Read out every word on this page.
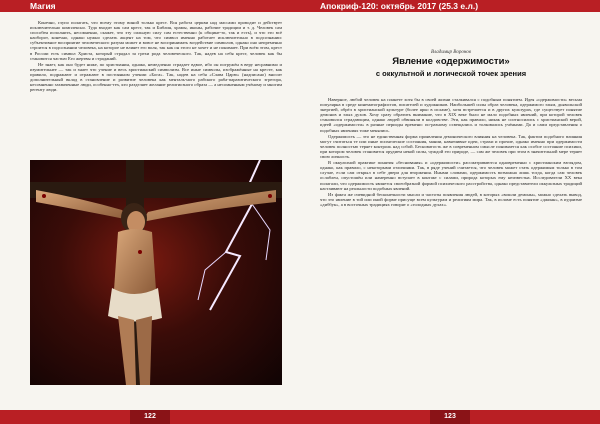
Магия

Конечно, глупо полагать, что всему этому виной только крест. Вся работа церкви над массами проводит и действует исключительно комплексно. Туда входит как сам крест, так и Библия, храмы, иконы, рабочие традиции и т. д. Человек сам способен исполнить, несомненно, скажет, что эту сильную силу сам естественно (к общине-то, так и есть), и что это всё наоборот, конечно, однако нужно сделать акцент на том, что символ именно работает исключительно в подсознании: субъективное восприятие человеческого разума может и вовсе не воспринимать воздействие символов, однако оно непременно строится в подсознании человека, на которое не влияет его воля, так как он этого не хочет и не понимает. При всём этом, крест в России есть символ Христа, который страдал за грехи рода человеческого. Так, надев на себя крест, человек как бы становится частью Его жертвы и страданий.

Не знает, как оно будет ниже, по христианин, однако, немедленно страдает вдвое, ибо он погружён в веру несравнимо и изумительнее — так и знает что учение и весь христианский символизм. Все иные символы, изображённые на кресте, как правило, подражают и отражают в постоянном учении «Бога». Так, надев на себя «Слава Царю» (надписано) вносит дополнительный вклад в становление и развитие человека как менталь-ного рабского раба-паразитического эгрегора, несомненно захваченные люди, особенно-тех, кто разделяет желание религиозного образа — а несомненным учёному и многим регенту люди.

122
Апокриф-120: октябрь 2017 (25.3 е.л.)
Владимир Воронов
Явление «одержимости»
с оккультной и логической точек зрения

Наверное, любой человек на планете хотя бы в своей жизни сталкивался с подобным понятием. Идея «одержимости» весьма популярна в среде кинематографистов, писателей и художников. Наибольшей силы образ человека, одержимого злым, дьявольской энергией, обрёл в христианской культуре (более ярко в исламе), хотя встречается и в других культурах, где существует понятие демонов и злых духов. Хочу сразу обратить внимание, что в XIX веке было не мало подобных явлений, при которой человек становился страдающим, однако людей обвиняли в колдовстве. Эти, как правило, никак не соотносились с христианской верой, идеей «одержимости» в разные периоды времени: по-разному освещались и толковались учёными. Да и сами представления о подобных явлениях тоже менялись.

Одержимость — это не единственная форма проявления демонического влияния на человека. Так, фактом подобного влияния могут считаться те или иные психические состояния, мании, навязчивые идеи, страхи и прочие, однако именно при одержимости человек полностью теряет контроль над собой. Бесноватость же в современном смысле понимается как особое состояние психики, при котором человек становится орудием некой силы, чуждой его природе, — сам же человек при этом в значительной мере теряет свою личность.

В оккультной практике понятия «беснования» и «одержимости» рассматриваются одновременно с христианским взглядом, однако, как правило, с некоторыми отличиями. Так, в ряде учений считается, что человек может стать одержимым только в том случае, если сам открыл в себе двери для вторжения. Иными словами, одержимость возможна лишь тогда, когда сам человек ослаблен, опустошён или намеренно вступает в контакт с силами, природа которых ему неизвестна. Исследователи ХХ века полагали, что одержимость является своеобразной формой психического расстройства, однако представители оккультных традиций настаивают на реальности подобных явлений.

Из факта же очевидной бесконечности мысли и частоты появления людей, в которых «вошли демоны», можно сделать вывод, что это явление в той или иной форме присуще всем культурам и религиям мира. Так, в исламе есть понятие «джинн», в иудаизме «диббук», а в восточных традициях говорят о «голодных духах».

123
